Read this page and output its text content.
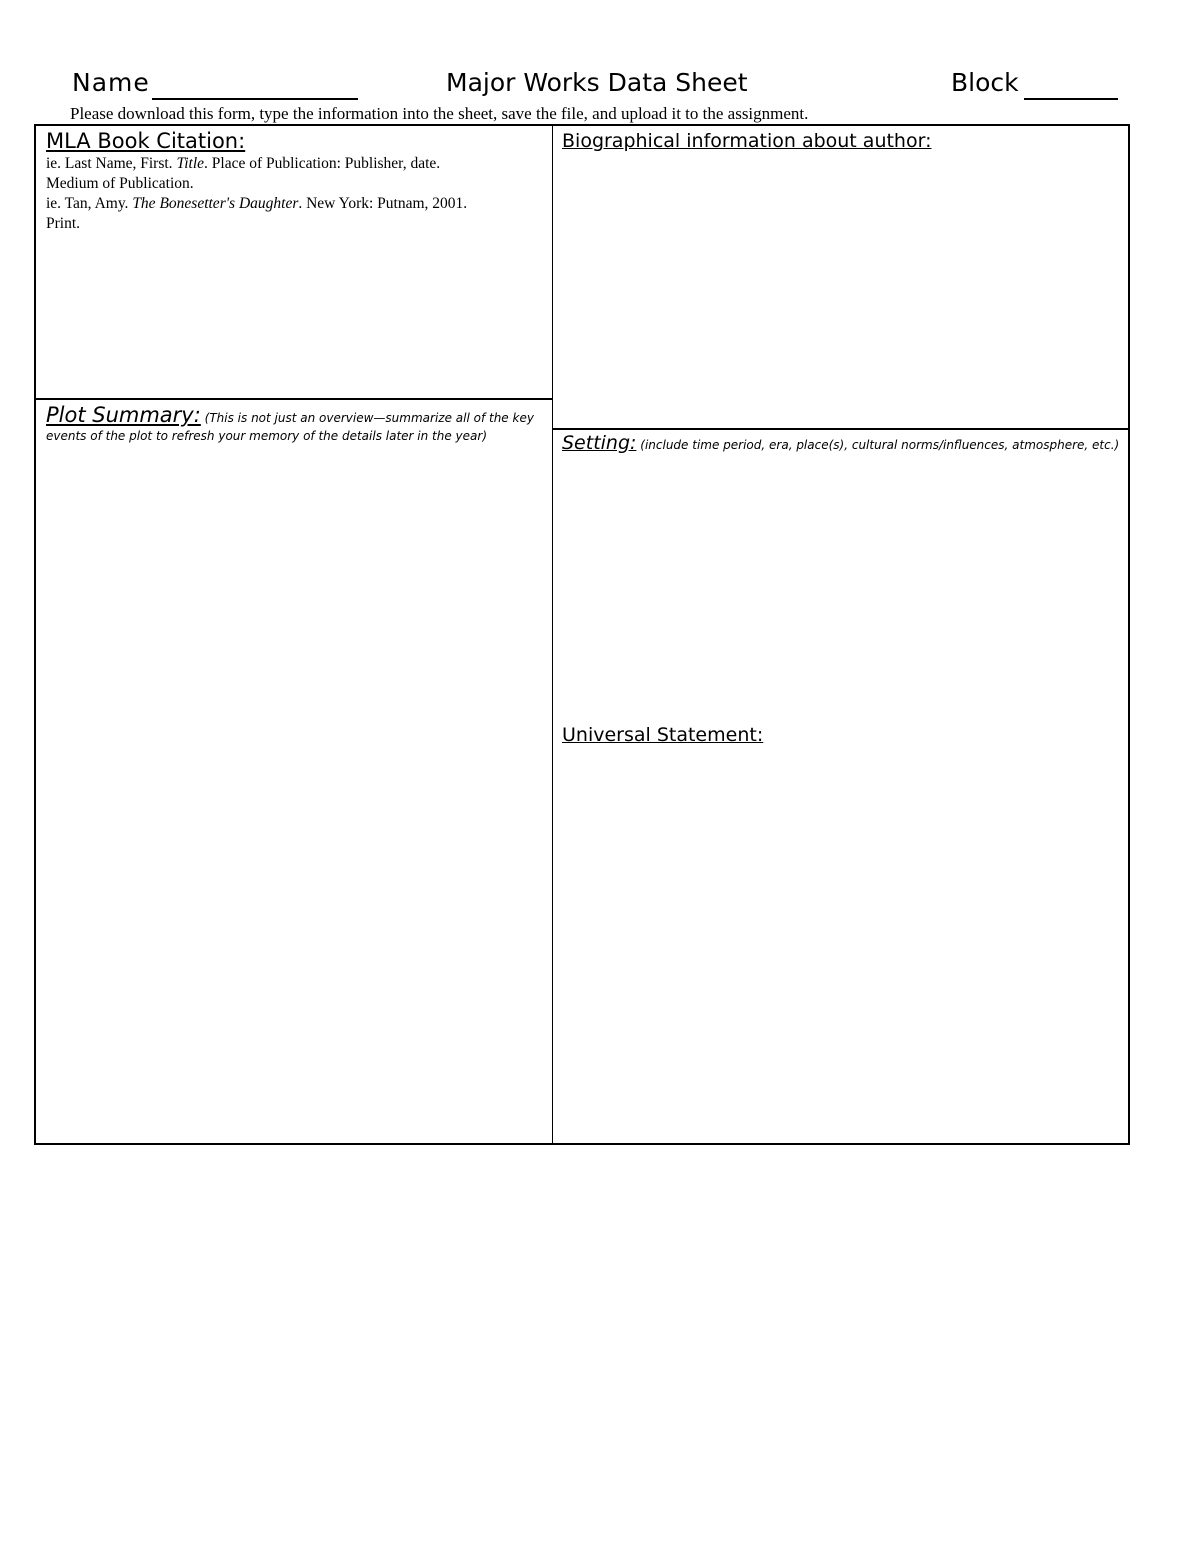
Name	Major Works Data Sheet	Block
Please download this form, type the information into the sheet, save the file, and upload it to the assignment.
MLA Book Citation:
ie. Last Name, First. Title. Place of Publication: Publisher, date.
Medium of Publication.
ie. Tan, Amy. The Bonesetter's Daughter. New York: Putnam, 2001.
Print.
Biographical information about author:
Plot Summary: (This is not just an overview—summarize all of the key events of the plot to refresh your memory of the details later in the year)	Setting: (include time period, era, place(s), cultural norms/influences, atmosphere, etc.)
Universal Statement:
